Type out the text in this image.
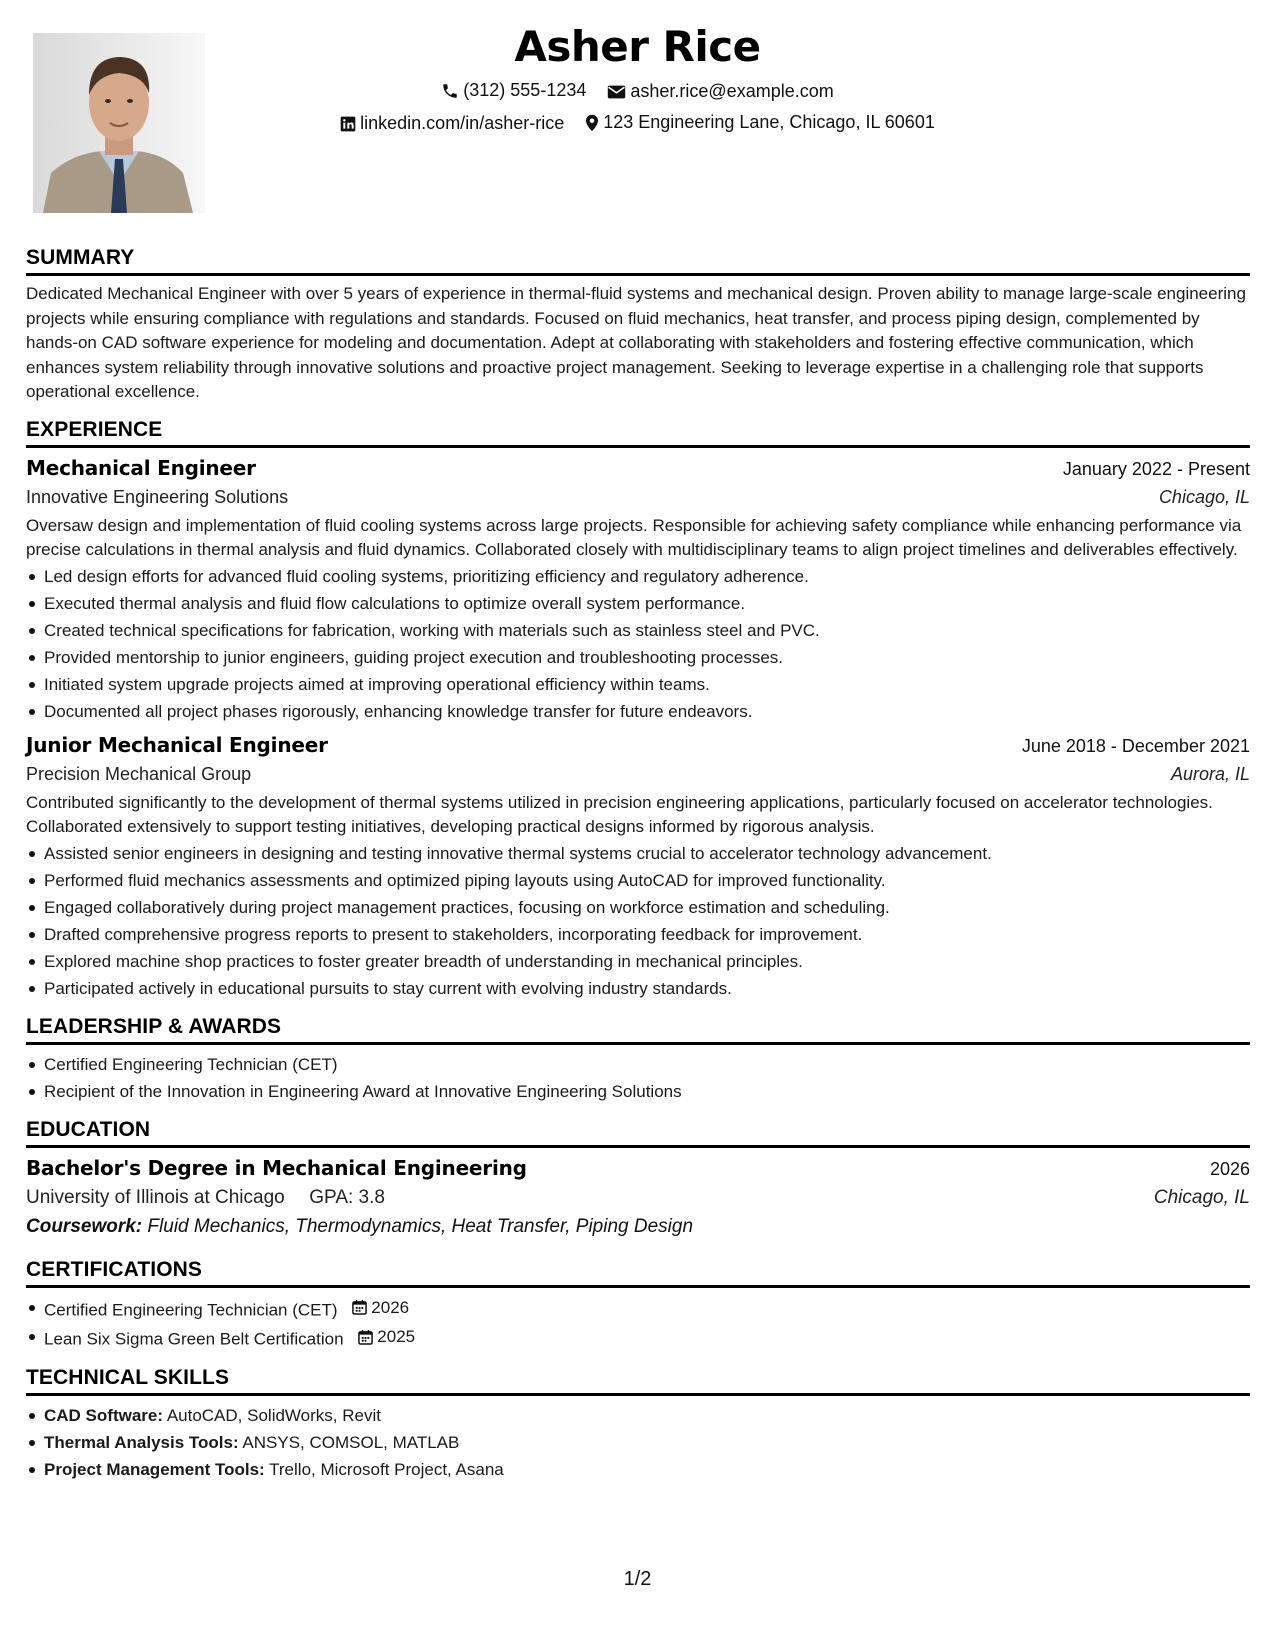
Asher Rice
(312) 555-1234
asher.rice@example.com
linkedin.com/in/asher-rice
123 Engineering Lane, Chicago, IL 60601
SUMMARY

Dedicated Mechanical Engineer with over 5 years of experience in thermal-fluid systems and mechanical design. Proven ability to manage large-scale engineering projects while ensuring compliance with regulations and standards. Focused on fluid mechanics, heat transfer, and process piping design, complemented by hands-on CAD software experience for modeling and documentation. Adept at collaborating with stakeholders and fostering effective communication, which enhances system reliability through innovative solutions and proactive project management. Seeking to leverage expertise in a challenging role that supports operational excellence.

EXPERIENCE
Mechanical Engineer	January 2022 - Present
Innovative Engineering Solutions	Chicago, IL

Oversaw design and implementation of fluid cooling systems across large projects. Responsible for achieving safety compliance while enhancing performance via precise calculations in thermal analysis and fluid dynamics. Collaborated closely with multidisciplinary teams to align project timelines and deliverables effectively.

Led design efforts for advanced fluid cooling systems, prioritizing efficiency and regulatory adherence.
Executed thermal analysis and fluid flow calculations to optimize overall system performance.
Created technical specifications for fabrication, working with materials such as stainless steel and PVC.
Provided mentorship to junior engineers, guiding project execution and troubleshooting processes.
Initiated system upgrade projects aimed at improving operational efficiency within teams.
Documented all project phases rigorously, enhancing knowledge transfer for future endeavors.
Junior Mechanical Engineer	June 2018 - December 2021
Precision Mechanical Group	Aurora, IL

Contributed significantly to the development of thermal systems utilized in precision engineering applications, particularly focused on accelerator technologies. Collaborated extensively to support testing initiatives, developing practical designs informed by rigorous analysis.

Assisted senior engineers in designing and testing innovative thermal systems crucial to accelerator technology advancement.
Performed fluid mechanics assessments and optimized piping layouts using AutoCAD for improved functionality.
Engaged collaboratively during project management practices, focusing on workforce estimation and scheduling.
Drafted comprehensive progress reports to present to stakeholders, incorporating feedback for improvement.
Explored machine shop practices to foster greater breadth of understanding in mechanical principles.
Participated actively in educational pursuits to stay current with evolving industry standards.
LEADERSHIP & AWARDS
Certified Engineering Technician (CET)
Recipient of the Innovation in Engineering Award at Innovative Engineering Solutions
EDUCATION
Bachelor's Degree in Mechanical Engineering	2026
University of Illinois at Chicago GPA: 3.8	Chicago, IL
Coursework: Fluid Mechanics, Thermodynamics, Heat Transfer, Piping Design
CERTIFICATIONS
Certified Engineering Technician (CET) 2026
Lean Six Sigma Green Belt Certification 2025
TECHNICAL SKILLS
CAD Software: AutoCAD, SolidWorks, Revit
Thermal Analysis Tools: ANSYS, COMSOL, MATLAB
Project Management Tools: Trello, Microsoft Project, Asana
1/2
